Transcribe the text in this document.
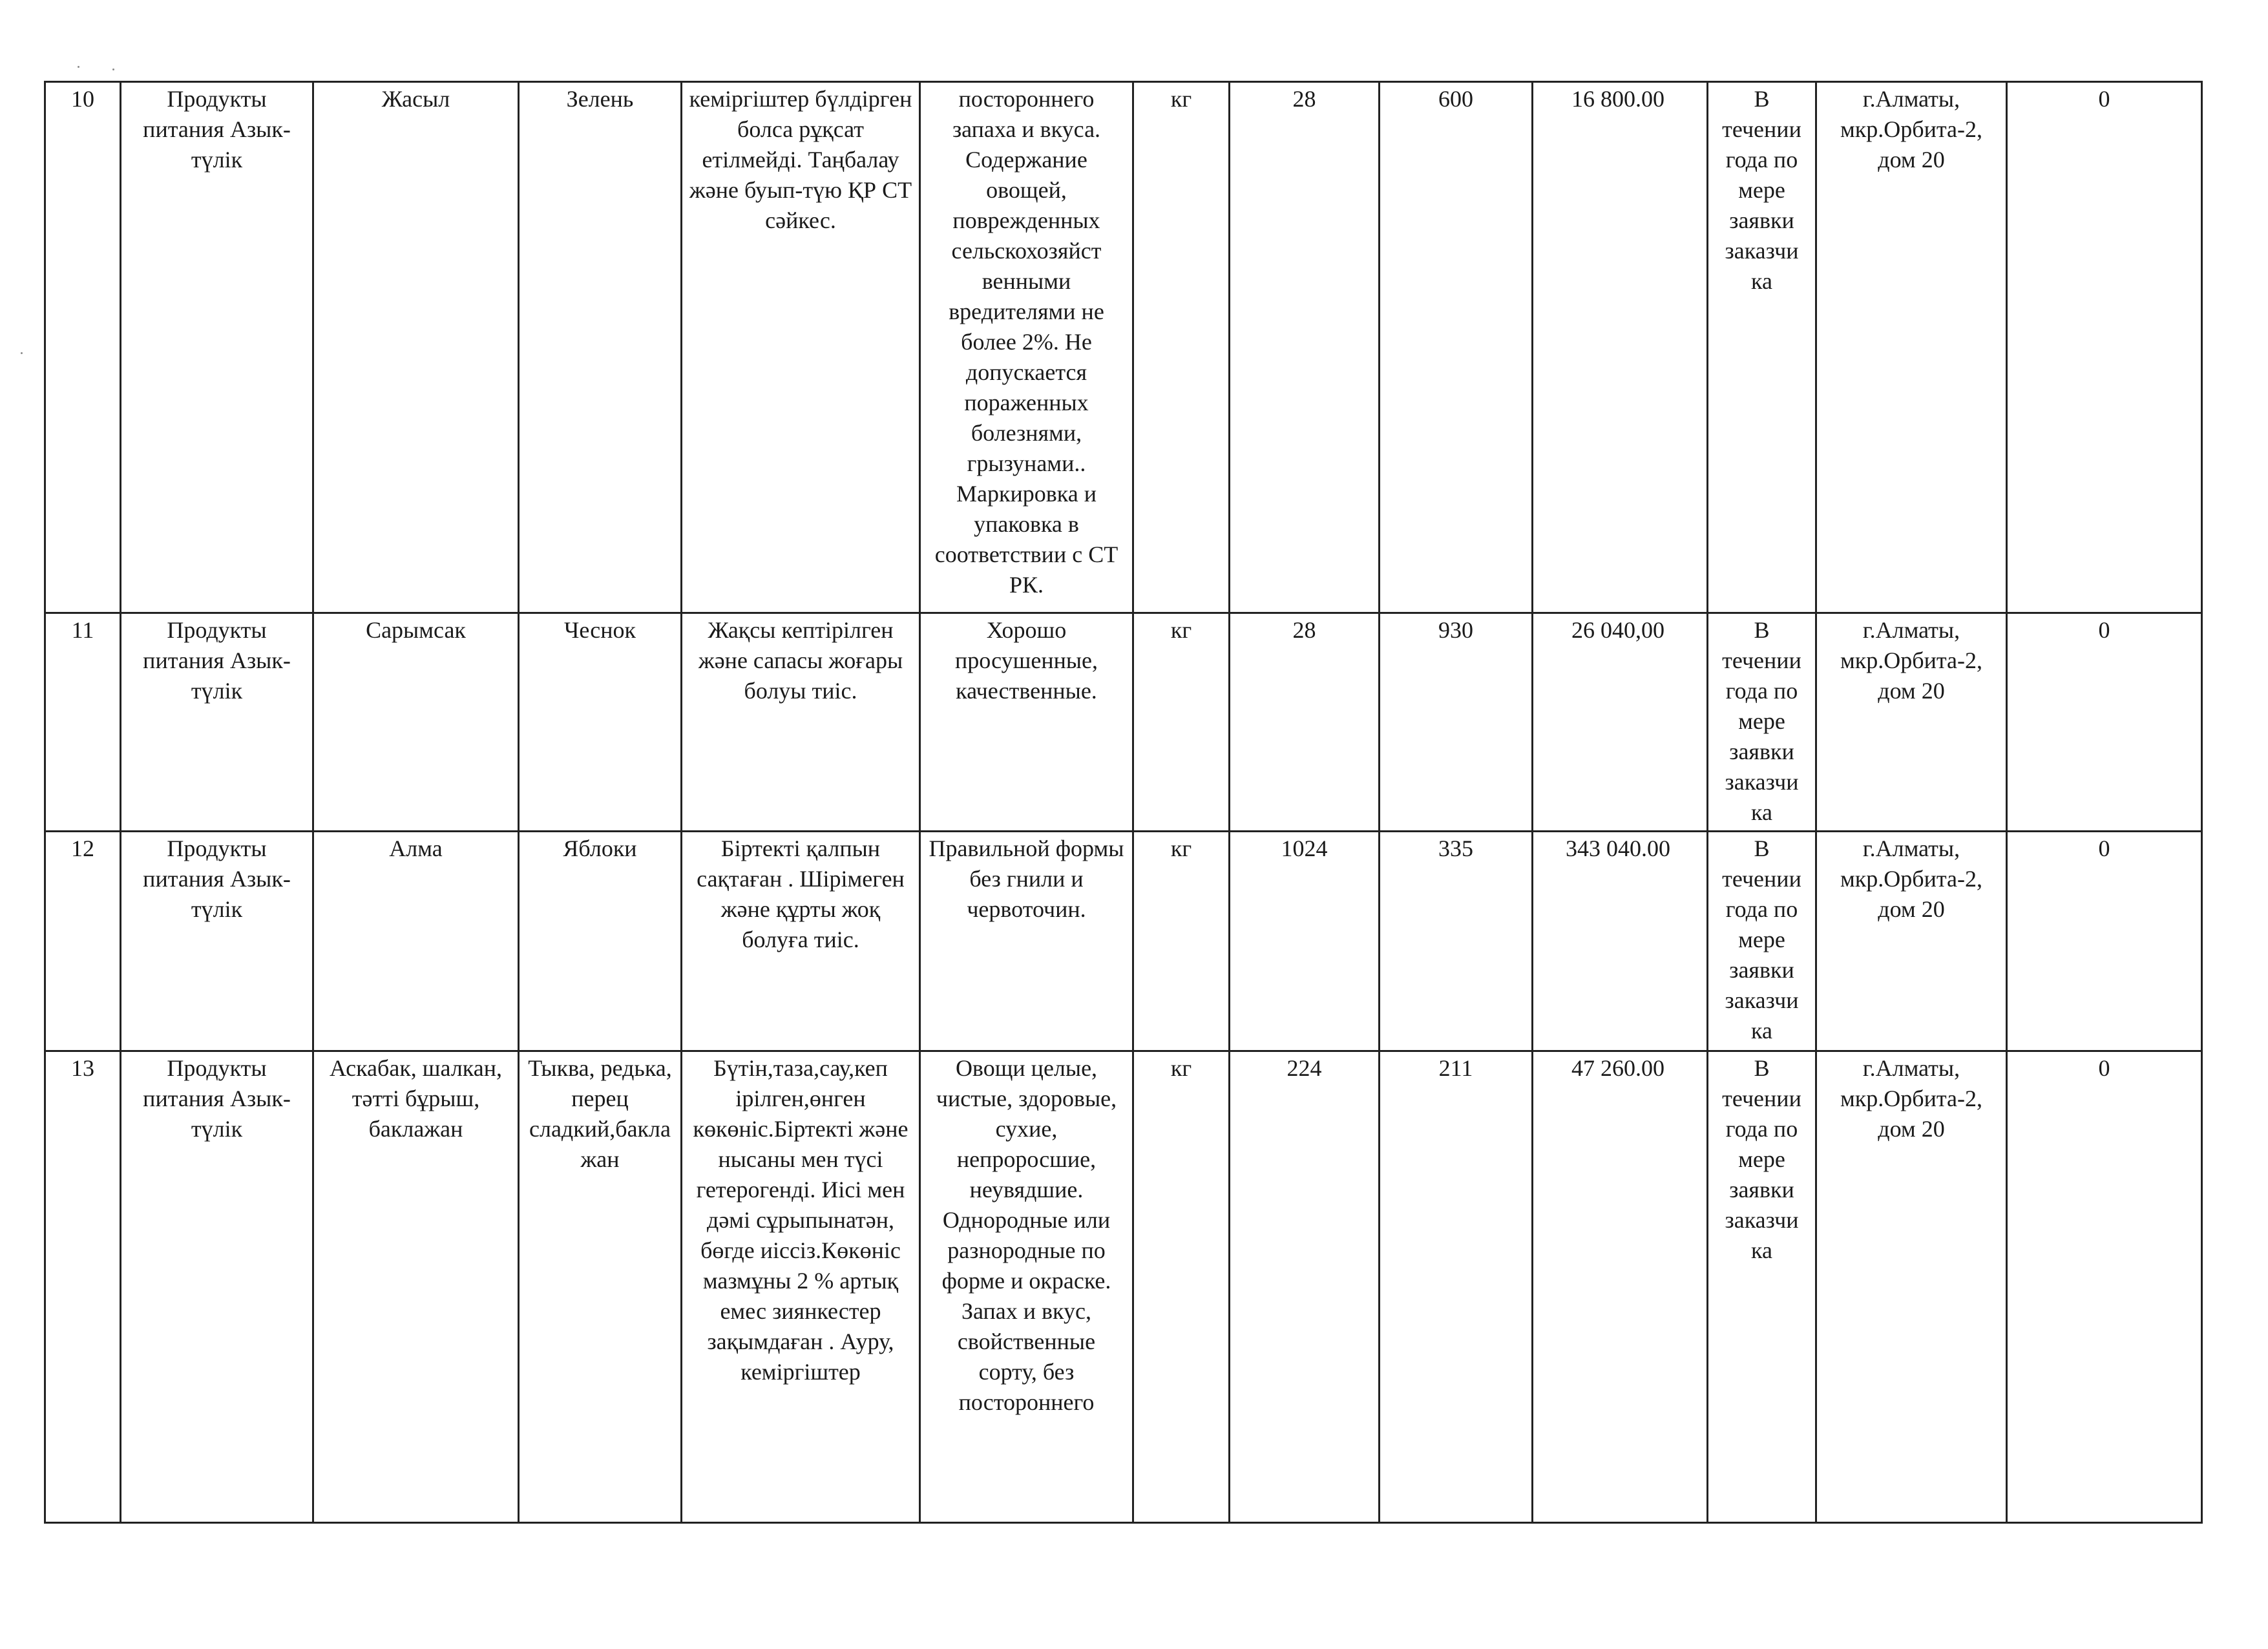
10	Продукты питания Азык-түлік	Жасыл	Зелень	кеміргіштер бүлдірген болса рұқсат етілмейді. Таңбалау және буып-түю ҚР СТ сәйкес.	постороннего запаха и вкуса. Содержание овощей, поврежденных сельскохозяйст венными вредителями не более 2%. Не допускается пораженных болезнями, грызунами.. Маркировка и упаковка в соответствии с СТ РК.	кг	28	600	16 800.00	В течении года по мере заявки заказчи ка	г.Алматы, мкр.Орбита-2, дом 20	0
11	Продукты питания Азык-түлік	Сарымсак	Чеснок	Жақсы кептірілген және сапасы жоғары болуы тиіс.	Хорошо просушенные, качественные.	кг	28	930	26 040,00	В течении года по мере заявки заказчи ка	г.Алматы, мкр.Орбита-2, дом 20	0
12	Продукты питания Азык-түлік	Алма	Яблоки	Біртекті қалпын сақтаған . Шірімеген және құрты жоқ болуға тиіс.	Правильной формы без гнили и червоточин.	кг	1024	335	343 040.00	В течении года по мере заявки заказчи ка	г.Алматы, мкр.Орбита-2, дом 20	0
13	Продукты питания Азык-түлік	Аскабак, шалкан, тәтті бұрыш, баклажан	Тыква, редька, перец сладкий,бакла жан	Бүтін,таза,сау,кеп ірілген,өнген көкөніс.Біртекті және нысаны мен түсі гетерогенді. Иісі мен дәмі сұрыпынатән, бөгде иіссіз.Көкөніс мазмұны 2 % артық емес зиянкестер зақымдаған . Ауру, кеміргіштер	Овощи целые, чистые, здоровые, сухие, непроросшие, неувядшие. Однородные или разнородные по форме и окраске. Запах и вкус, свойственные сорту, без постороннего	кг	224	211	47 260.00	В течении года по мере заявки заказчи ка	г.Алматы, мкр.Орбита-2, дом 20	0
